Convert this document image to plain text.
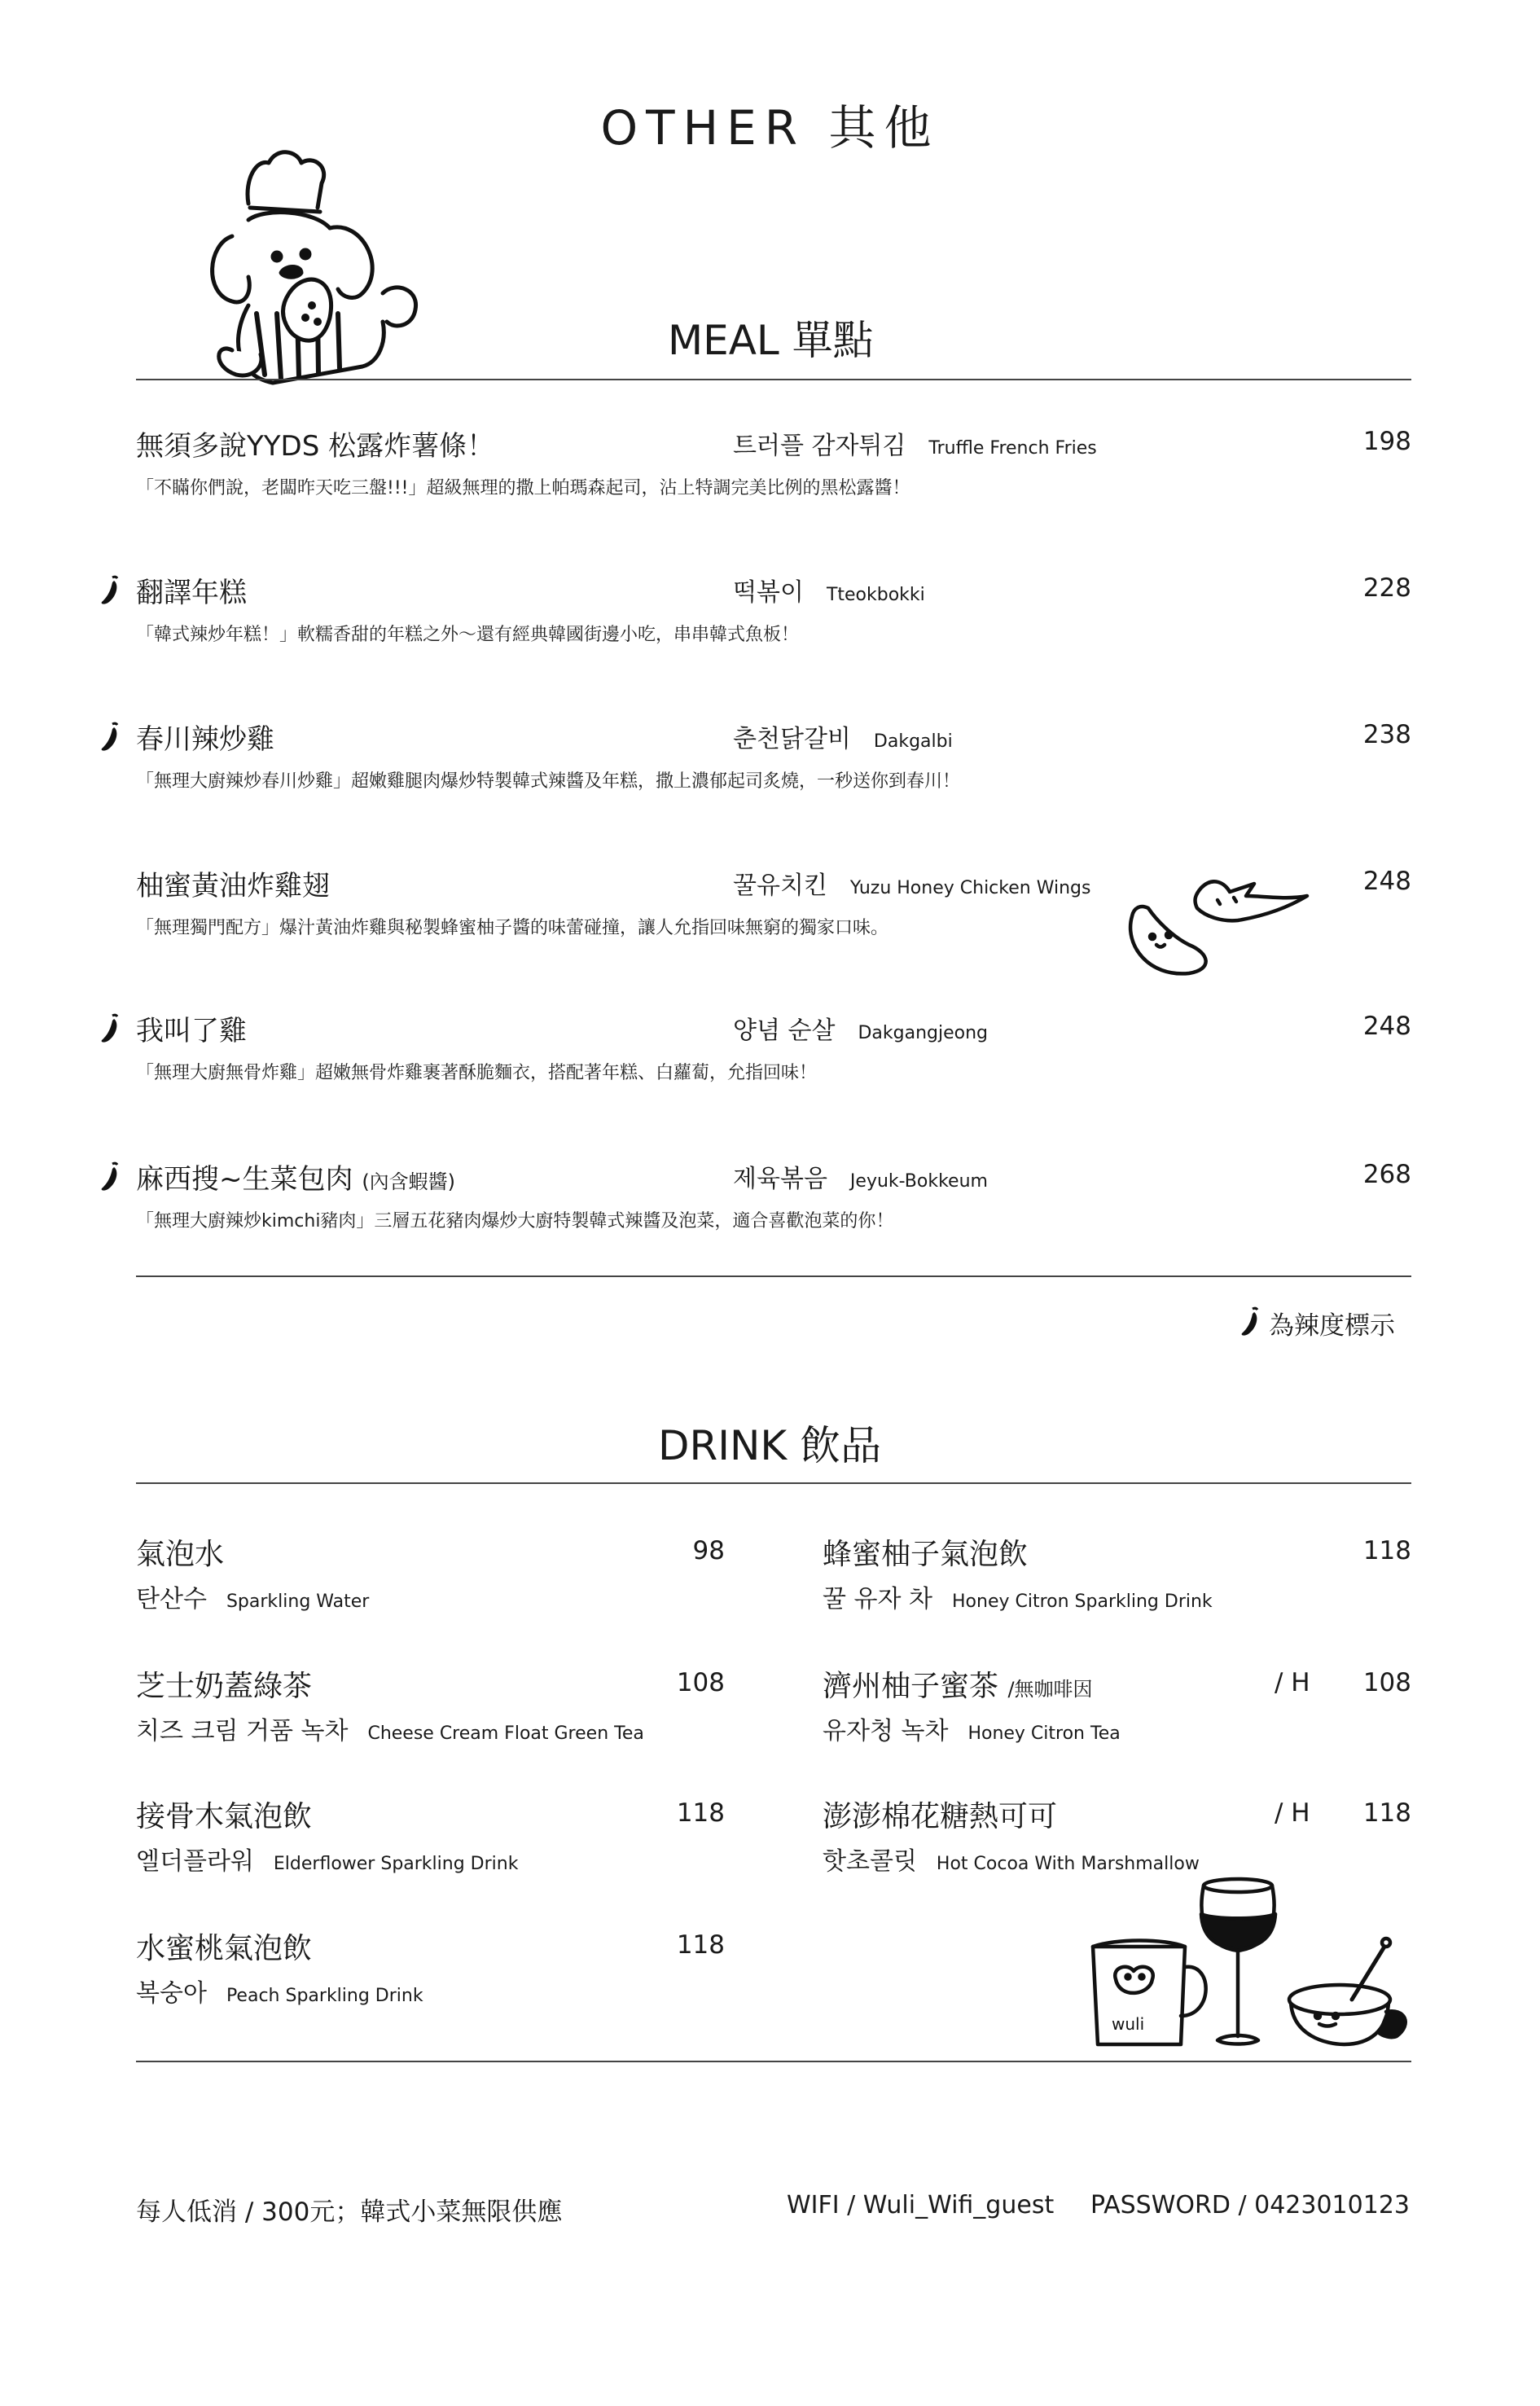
OTHER 其他
MEAL 單點
無須多說YYDS 松露炸薯條！	트러플 감자튀김 Truffle French Fries	198
「不瞞你們說，老闆昨天吃三盤!!!」超級無理的撒上帕瑪森起司，沾上特調完美比例的黑松露醬！
翻譯年糕	떡볶이 Tteokbokki	228
「韓式辣炒年糕！」軟糯香甜的年糕之外～還有經典韓國街邊小吃，串串韓式魚板！
春川辣炒雞	춘천닭갈비 Dakgalbi	238
「無理大廚辣炒春川炒雞」超嫩雞腿肉爆炒特製韓式辣醬及年糕，撒上濃郁起司炙燒，一秒送你到春川！
柚蜜黃油炸雞翅	꿀유치킨 Yuzu Honey Chicken Wings	248
「無理獨門配方」爆汁黃油炸雞與秘製蜂蜜柚子醬的味蕾碰撞，讓人允指回味無窮的獨家口味。
我叫了雞	양념 순살 Dakgangjeong	248
「無理大廚無骨炸雞」超嫩無骨炸雞裹著酥脆麵衣，搭配著年糕、白蘿蔔，允指回味！
麻西搜~生菜包肉 (內含蝦醬)	제육볶음 Jeyuk-Bokkeum	268
「無理大廚辣炒kimchi豬肉」三層五花豬肉爆炒大廚特製韓式辣醬及泡菜，適合喜歡泡菜的你！
為辣度標示
DRINK 飲品
氣泡水	98
탄산수 Sparkling Water
芝士奶蓋綠茶	108
치즈 크림 거품 녹차 Cheese Cream Float Green Tea
接骨木氣泡飲	118
엘더플라워 Elderflower Sparkling Drink
水蜜桃氣泡飲	118
복숭아 Peach Sparkling Drink
蜂蜜柚子氣泡飲	118
꿀 유자 차 Honey Citron Sparkling Drink
濟州柚子蜜茶 /無咖啡因	/ H	108
유자청 녹차 Honey Citron Tea
澎澎棉花糖熱可可	/ H	118
핫초콜릿 Hot Cocoa With Marshmallow
wuli
每人低消 / 300元；韓式小菜無限供應	WIFI / Wuli_Wifi_guest PASSWORD / 0423010123
